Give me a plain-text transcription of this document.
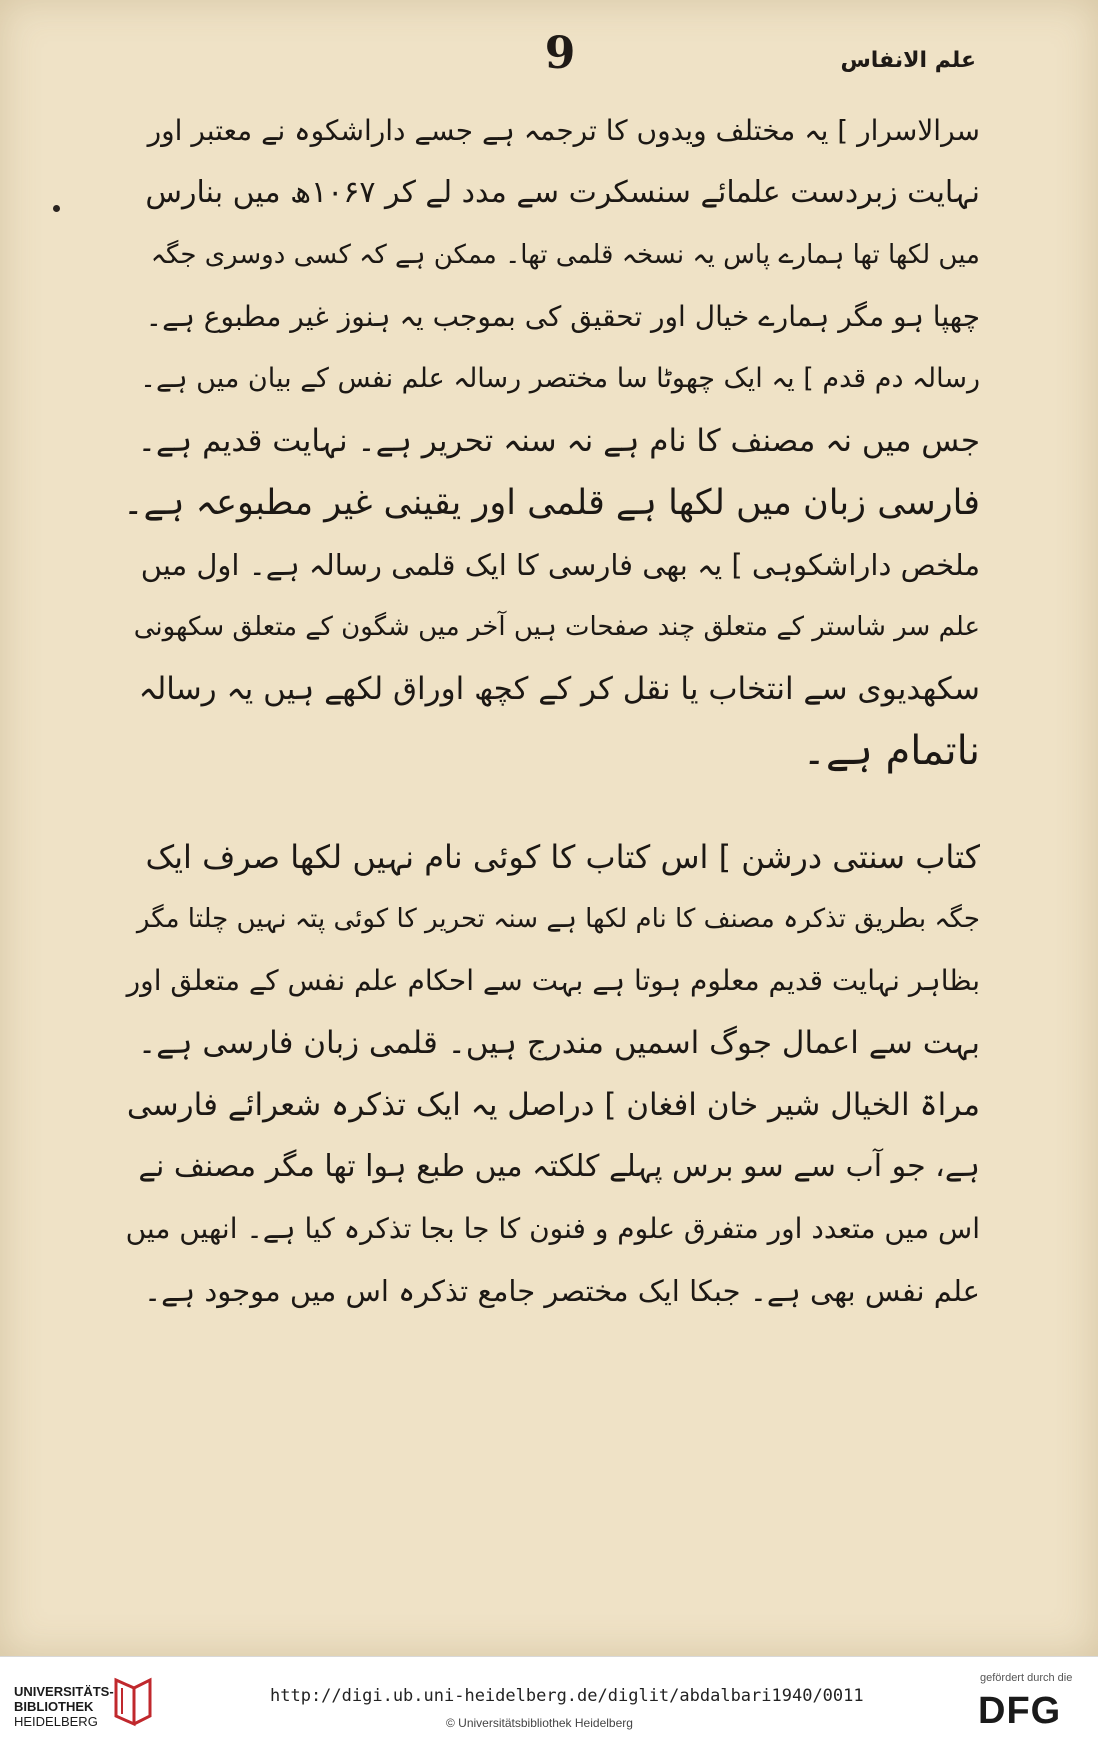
9	علم الانفاس
سرالاسرار ] یہ مختلف ویدوں کا ترجمہ ہے جسے داراشکوہ نے معتبر اور
نہایت زبردست علمائے سنسکرت سے مدد لے کر ۱۰۶۷ھ میں بنارس
میں لکھا تھا ہمارے پاس یہ نسخہ قلمی تھا۔ ممکن ہے کہ کسی دوسری جگہ
چھپا ہو مگر ہمارے خیال اور تحقیق کی بموجب یہ ہنوز غیر مطبوع ہے۔
رسالہ دم قدم ] یہ ایک چھوٹا سا مختصر رسالہ علم نفس کے بیان میں ہے۔
جس میں نہ مصنف کا نام ہے نہ سنہ تحریر ہے۔ نہایت قدیم ہے۔
فارسی زبان میں لکھا ہے قلمی اور یقینی غیر مطبوعہ ہے۔
ملخص داراشکوہی ] یہ بھی فارسی کا ایک قلمی رسالہ ہے۔ اول میں
علم سر شاستر کے متعلق چند صفحات ہیں آخر میں شگون کے متعلق سکھونی
سکھدیوی سے انتخاب یا نقل کر کے کچھ اوراق لکھے ہیں یہ رسالہ
ناتمام ہے۔
کتاب سنتی درشن ] اس کتاب کا کوئی نام نہیں لکھا صرف ایک
جگہ بطریق تذکرہ مصنف کا نام لکھا ہے سنہ تحریر کا کوئی پتہ نہیں چلتا مگر
بظاہر نہایت قدیم معلوم ہوتا ہے بہت سے احکام علم نفس کے متعلق اور
بہت سے اعمال جوگ اسمیں مندرج ہیں۔ قلمی زبان فارسی ہے۔
مراۃ الخیال شیر خان افغان ] دراصل یہ ایک تذکرہ شعرائے فارسی
ہے، جو آب سے سو برس پہلے کلکتہ میں طبع ہوا تھا مگر مصنف نے
اس میں متعدد اور متفرق علوم و فنون کا جا بجا تذکرہ کیا ہے۔ انھیں میں
علم نفس بھی ہے۔ جبکا ایک مختصر جامع تذکرہ اس میں موجود ہے۔
UNIVERSITÄTS-
BIBLIOTHEK
HEIDELBERG
http://digi.ub.uni-heidelberg.de/diglit/abdalbari1940/0011
© Universitätsbibliothek Heidelberg
gefördert durch die
DFG
